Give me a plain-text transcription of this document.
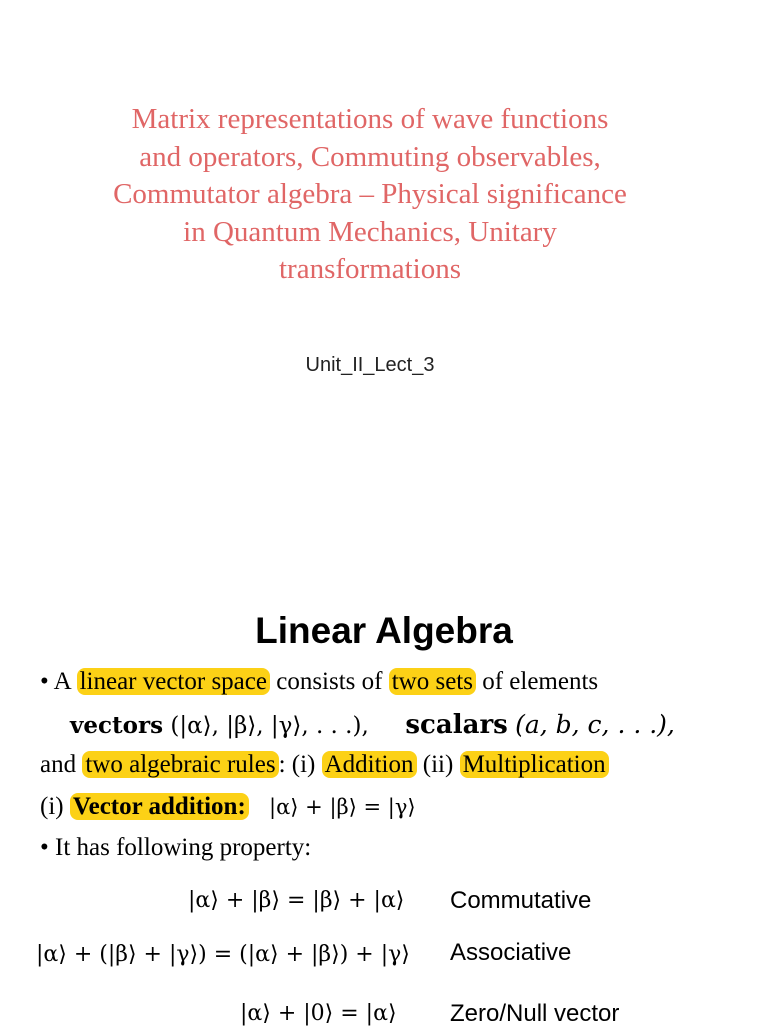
Matrix representations of wave functions
and operators, Commuting observables,
Commutator algebra – Physical significance
in Quantum Mechanics, Unitary
transformations
Unit_II_Lect_3
Linear Algebra
• A linear vector space consists of two sets of elements
vectors (|α⟩, |β⟩, |γ⟩, . . .), scalars (a, b, c, . . .),
and two algebraic rules : (i) Addition (ii) Multiplication
(i) Vector addition: |α⟩ + |β⟩ = |γ⟩
• It has following property:
|α⟩ + |β⟩ = |β⟩ + |α⟩ Commutative
|α⟩ + (|β⟩ + |γ⟩) = (|α⟩ + |β⟩) + |γ⟩ Associative
|α⟩ + |0⟩ = |α⟩ Zero/Null vector
